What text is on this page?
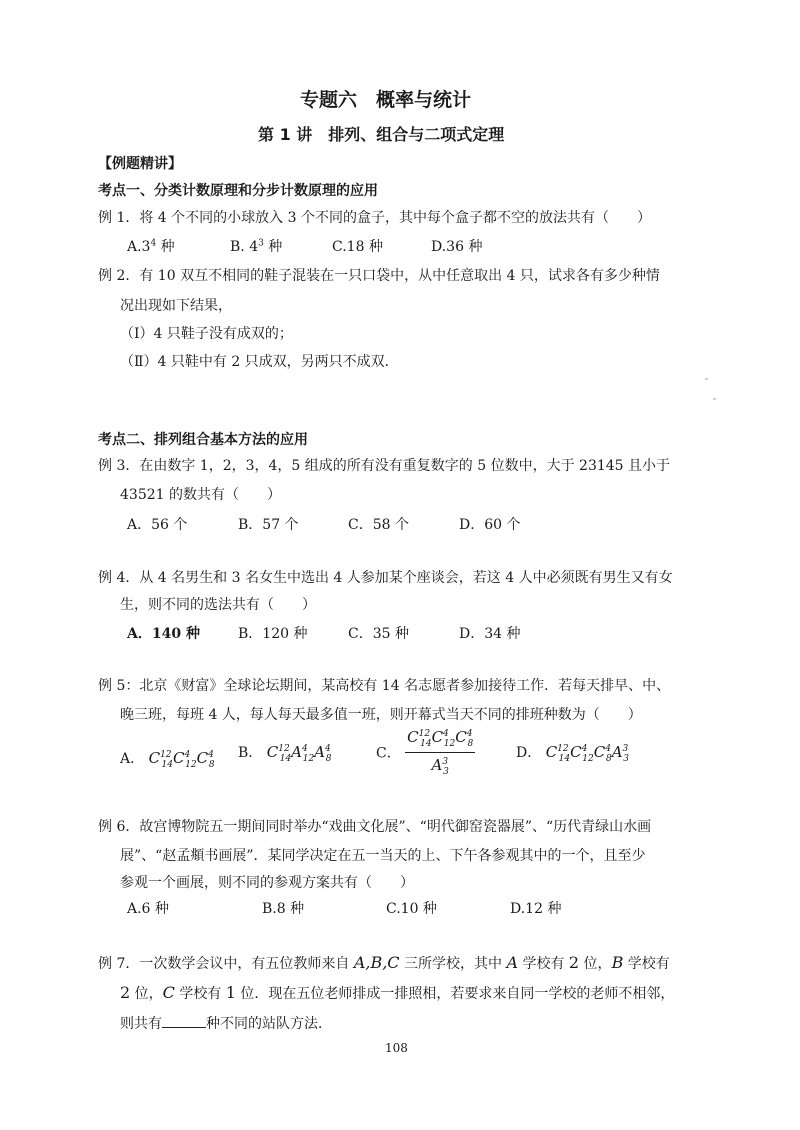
专题六　概率与统计
第 1 讲　排列、组合与二项式定理
【例题精讲】
考点一、分类计数原理和分步计数原理的应用
例 1．将 4 个不同的小球放入 3 个不同的盒子，其中每个盒子都不空的放法共有（　　）
$A.3^4$ 种	B. $4^3$ 种	C.18 种	D.36 种
例 2．有 10 双互不相同的鞋子混装在一只口袋中，从中任意取出 4 只，试求各有多少种情
况出现如下结果，
（Ⅰ）4 只鞋子没有成双的；
（Ⅱ）4 只鞋中有 2 只成双，另两只不成双．
考点二、排列组合基本方法的应用
例 3．在由数字 1，2，3，4，5 组成的所有没有重复数字的 5 位数中，大于 23145 且小于
43521 的数共有（　　）
A．56 个	B．57 个	C．58 个	D．60 个
例 4．从 4 名男生和 3 名女生中选出 4 人参加某个座谈会，若这 4 人中必须既有男生又有女
生，则不同的选法共有（　　）
A．140 种	B．120 种	C．35 种	D．34 种
例 5：北京《财富》全球论坛期间，某高校有 14 名志愿者参加接待工作．若每天排早、中、
晚三班，每班 4 人，每人每天最多值一班，则开幕式当天不同的排班种数为（　　）
A． $C^{12}_{14}C^4_{12}C^4_8$
B． $C^{12}_{14}A^4_{12}A^4_8$	C． $\frac{C^{12}_{14}C^4_{12}C^4_8}{A^3_3}$	D． $C^{12}_{14}C^4_{12}C^4_8A^3_3$
例 6．故宫博物院五一期间同时举办“戏曲文化展”、“明代御窑瓷器展”、“历代青绿山水画
展”、“赵孟頫书画展”．某同学决定在五一当天的上、下午各参观其中的一个，且至少
参观一个画展，则不同的参观方案共有（　　）
A.6 种	B.8 种	C.10 种	D.12 种
例 7．一次数学会议中，有五位教师来自 A,B,C 三所学校，其中 A 学校有 2 位，B 学校有
2 位，C 学校有 1 位．现在五位老师排成一排照相，若要求来自同一学校的老师不相邻，
则共有	种不同的站队方法．
108
